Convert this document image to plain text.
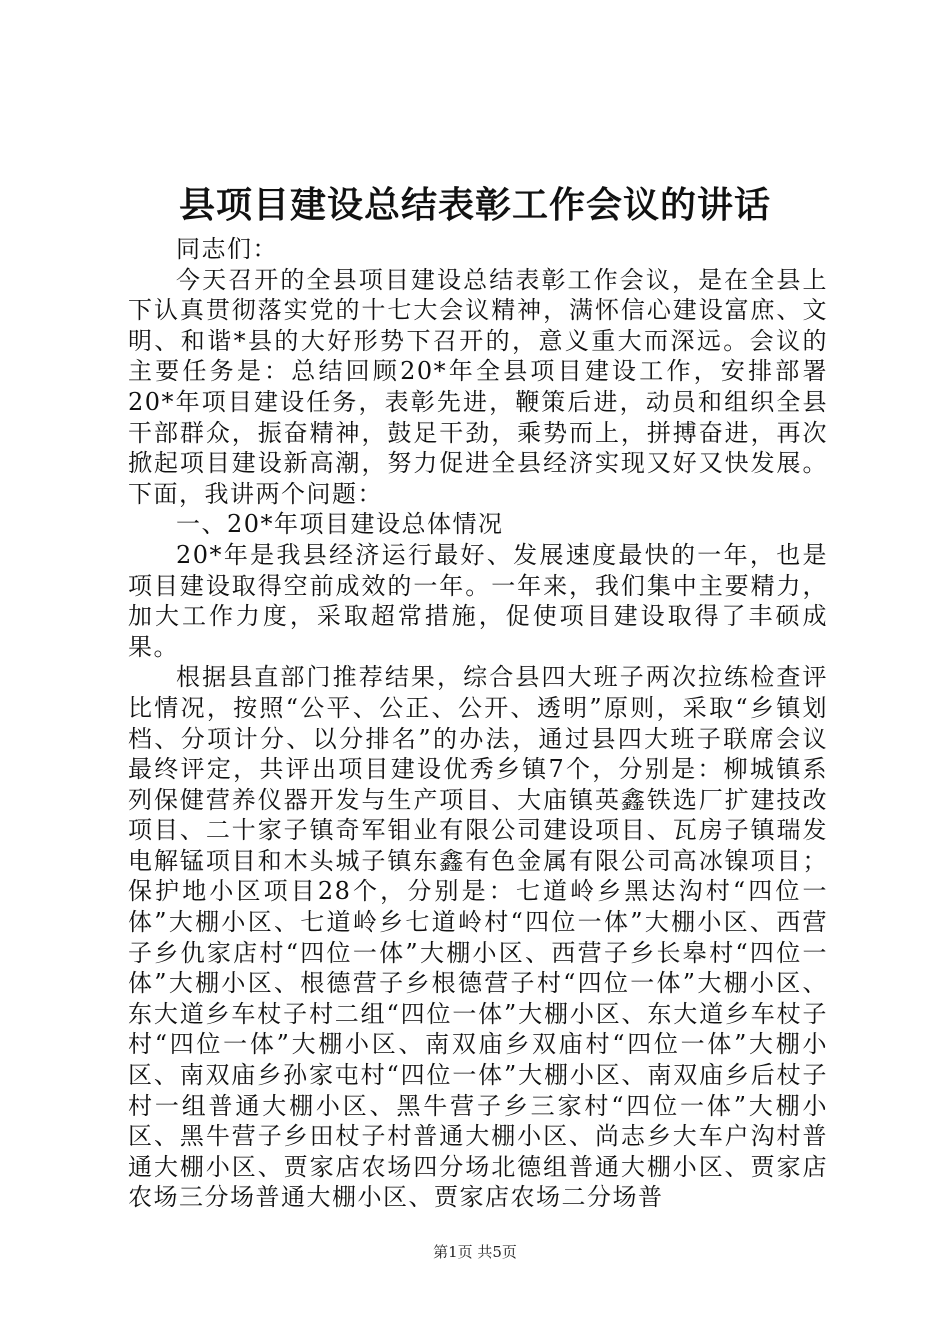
县项目建设总结表彰工作会议的讲话

同志们：

今天召开的全县项目建设总结表彰工作会议，是在全县上下认真贯彻落实党的十七大会议精神，满怀信心建设富庶、文明、和谐*县的大好形势下召开的，意义重大而深远。会议的主要任务是：总结回顾20*年全县项目建设工作，安排部署20*年项目建设任务，表彰先进，鞭策后进，动员和组织全县干部群众，振奋精神，鼓足干劲，乘势而上，拼搏奋进，再次掀起项目建设新高潮，努力促进全县经济实现又好又快发展。下面，我讲两个问题：

一、20*年项目建设总体情况

20*年是我县经济运行最好、发展速度最快的一年，也是项目建设取得空前成效的一年。一年来，我们集中主要精力，加大工作力度，采取超常措施，促使项目建设取得了丰硕成果。

根据县直部门推荐结果，综合县四大班子两次拉练检查评比情况，按照“公平、公正、公开、透明”原则，采取“乡镇划档、分项计分、以分排名”的办法，通过县四大班子联席会议最终评定，共评出项目建设优秀乡镇7个，分别是：柳城镇系列保健营养仪器开发与生产项目、大庙镇英鑫铁选厂扩建技改项目、二十家子镇奇军钼业有限公司建设项目、瓦房子镇瑞发电解锰项目和木头城子镇东鑫有色金属有限公司高冰镍项目；保护地小区项目28个，分别是：七道岭乡黑达沟村“四位一体”大棚小区、七道岭乡七道岭村“四位一体”大棚小区、西营子乡仇家店村“四位一体”大棚小区、西营子乡长皋村“四位一体”大棚小区、根德营子乡根德营子村“四位一体”大棚小区、东大道乡车杖子村二组“四位一体”大棚小区、东大道乡车杖子村“四位一体”大棚小区、南双庙乡双庙村“四位一体”大棚小区、南双庙乡孙家屯村“四位一体”大棚小区、南双庙乡后杖子村一组普通大棚小区、黑牛营子乡三家村“四位一体”大棚小区、黑牛营子乡田杖子村普通大棚小区、尚志乡大车户沟村普通大棚小区、贾家店农场四分场北德组普通大棚小区、贾家店农场三分场普通大棚小区、贾家店农场二分场普

第1页 共5页
